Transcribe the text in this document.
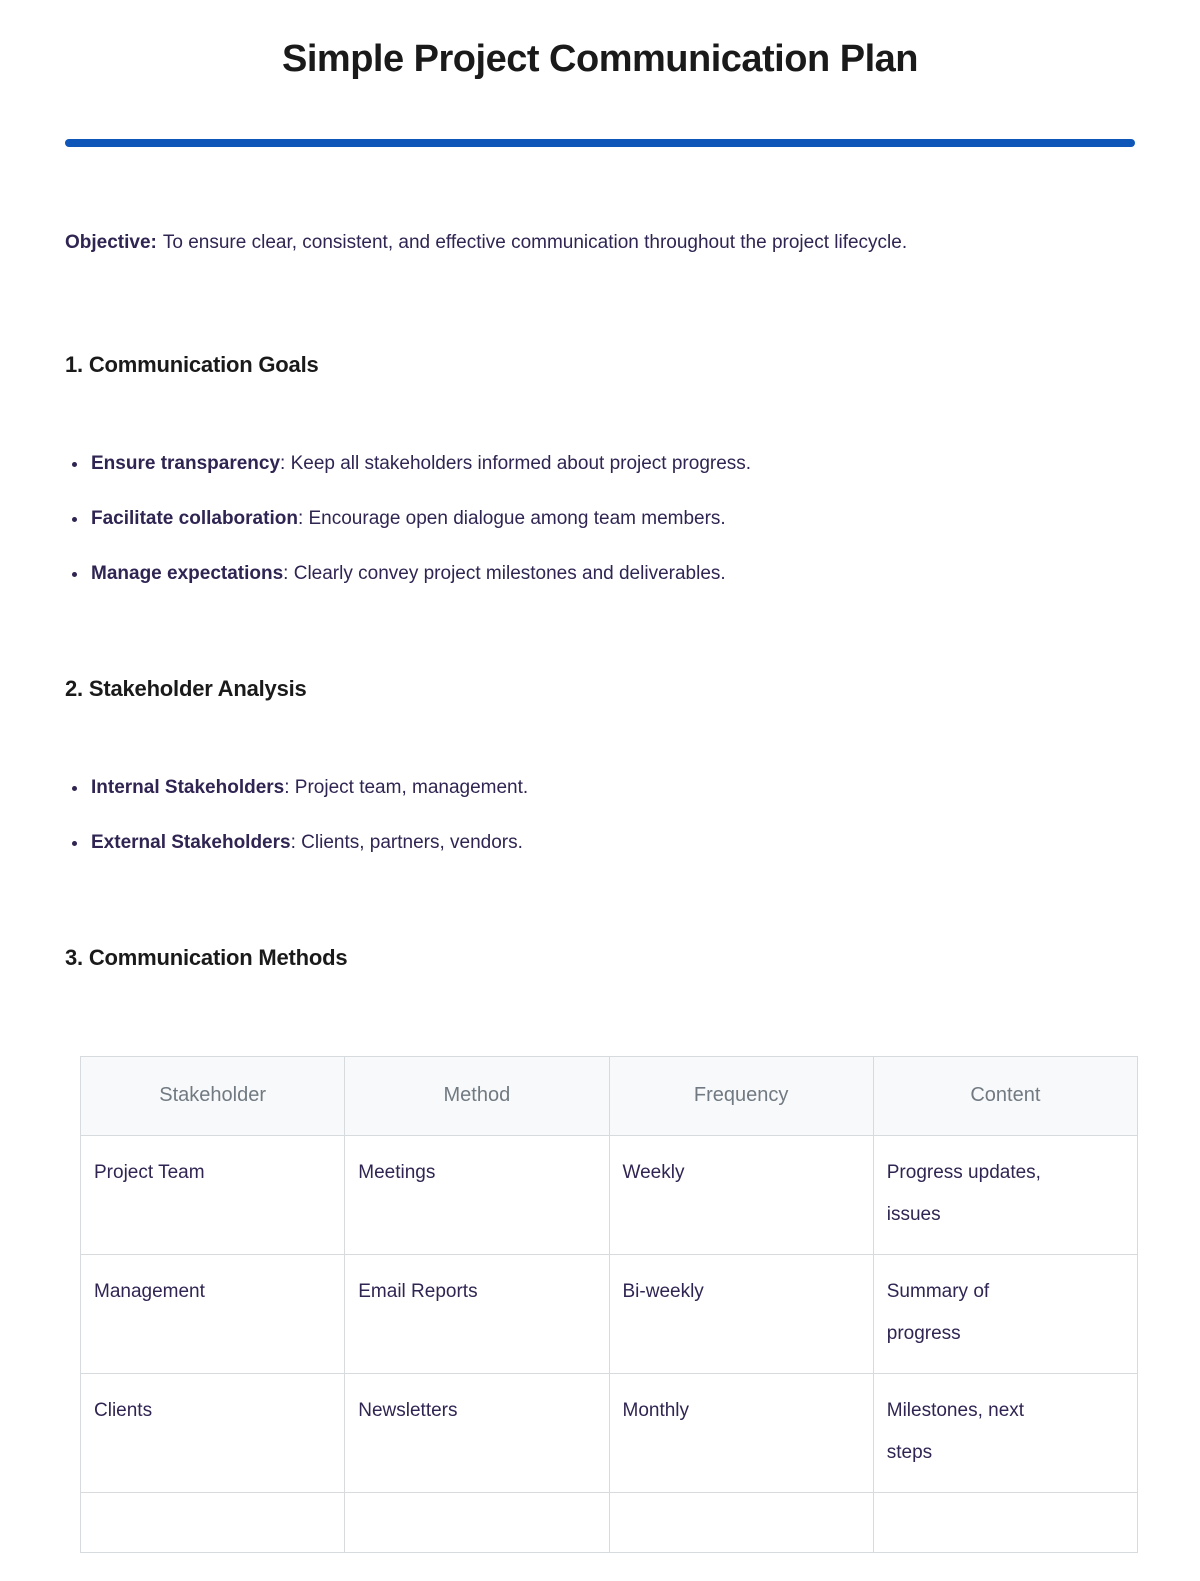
Simple Project Communication Plan

Objective: To ensure clear, consistent, and effective communication throughout the project lifecycle.

1. Communication Goals
• Ensure transparency: Keep all stakeholders informed about project progress.
• Facilitate collaboration: Encourage open dialogue among team members.
• Manage expectations: Clearly convey project milestones and deliverables.
2. Stakeholder Analysis
• Internal Stakeholders: Project team, management.
• External Stakeholders: Clients, partners, vendors.
3. Communication Methods
Stakeholder	Method	Frequency	Content
Project Team	Meetings	Weekly	Progress updates, issues
Management	Email Reports	Bi-weekly	Summary of progress
Clients	Newsletters	Monthly	Milestones, next steps
